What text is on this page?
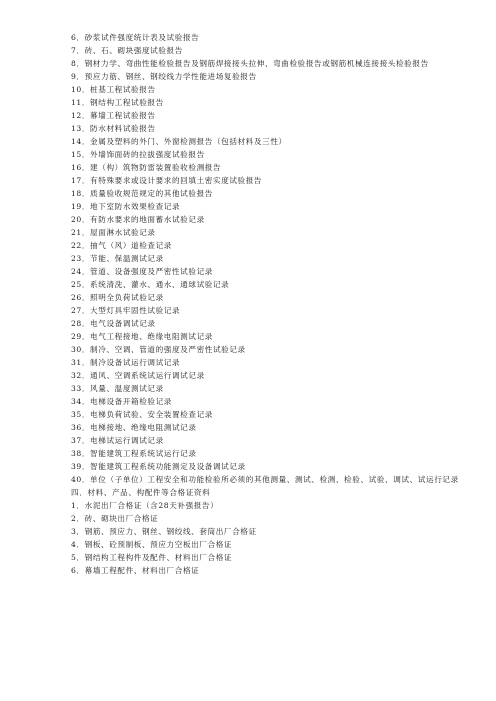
6．砂浆试件强度统计表及试验报告
7．砖、石、砌块强度试验报告
8．钢材力学、弯曲性能检验报告及钢筋焊接接头拉伸、弯曲检验报告或钢筋机械连接接头检验报告
9．预应力筋、钢丝、钢绞线力学性能进场复验报告
10．桩基工程试验报告
11．钢结构工程试验报告
12．幕墙工程试验报告
13．防水材料试验报告
14．金属及塑料的外门、外窗检测报告（包括材料及三性）
15．外墙饰面砖的拉拔强度试验报告
16．建（构）筑物防雷装置验收检测报告
17．有特殊要求或设计要求的回填土密实度试验报告
18．质量验收规范规定的其他试验报告
19．地下室防水效果检查记录
20．有防水要求的地面蓄水试验记录
21．屋面淋水试验记录
22．抽气（风）道检查记录
23．节能、保温测试记录
24．管道、设备强度及严密性试验记录
25．系统清洗、灌水、通水、通球试验记录
26．照明全负荷试验记录
27．大型灯具牢固性试验记录
28．电气设备调试记录
29．电气工程接地、绝缘电阻测试记录
30．制冷、空调、管道的强度及严密性试验记录
31．制冷设备试运行调试记录
32．通风、空调系统试运行调试记录
33．风量、温度测试记录
34．电梯设备开箱检验记录
35．电梯负荷试验、安全装置检查记录
36．电梯接地、绝缘电阻测试记录
37．电梯试运行调试记录
38．智能建筑工程系统试运行记录
39．智能建筑工程系统功能测定及设备调试记录
40．单位（子单位）工程安全和功能检验所必须的其他测量、测试、检测、检验、试验、调试、试运行记录
四．材料、产品、构配件等合格证资料
1．水泥出厂合格证（含28天补强报告）
2．砖、砌块出厂合格证
3．钢筋、预应力、钢丝、钢绞线、套筒出厂合格证
4．钢板、砼预制板、预应力空板出厂合格证
5．钢结构工程构件及配件、材料出厂合格证
6．幕墙工程配件、材料出厂合格证
